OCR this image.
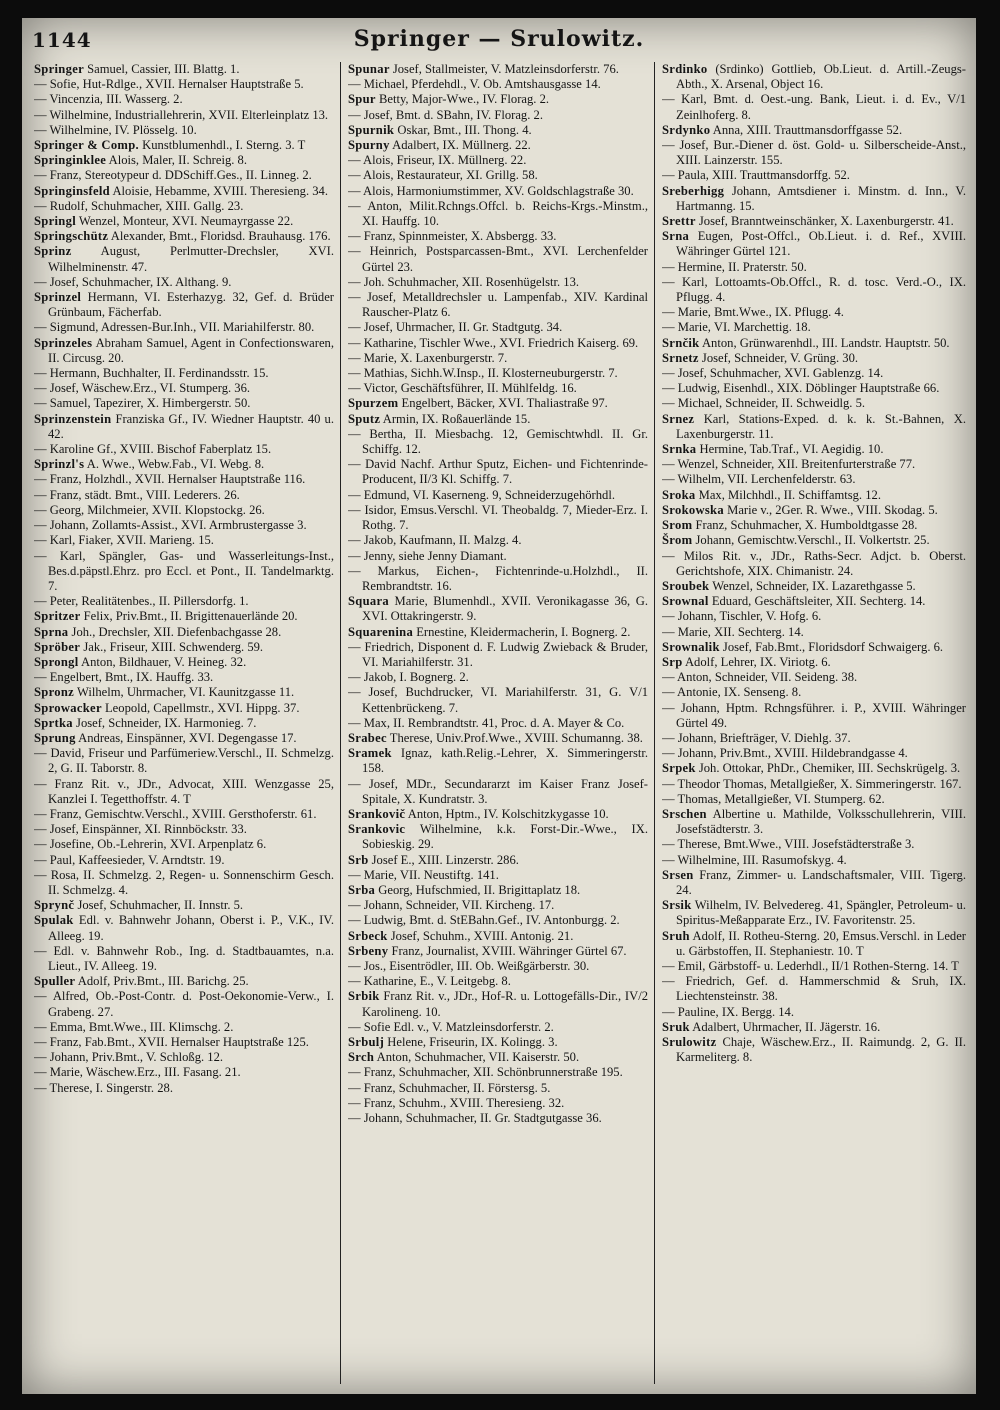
1144	Springer — Srulowitz.

Springer Samuel, Cassier, III. Blattg. 1.

— Sofie, Hut-Rdlge., XVII. Hernalser Hauptstraße 5.

— Vincenzia, III. Wasserg. 2.

— Wilhelmine, Industriallehrerin, XVII. Elterleinplatz 13.

— Wilhelmine, IV. Plösselg. 10.

Springer & Comp. Kunstblumenhdl., I. Sterng. 3. T

Springinklee Alois, Maler, II. Schreig. 8.

— Franz, Stereotypeur d. DDSchiff.Ges., II. Linneg. 2.

Springinsfeld Aloisie, Hebamme, XVIII. Theresieng. 34.

— Rudolf, Schuhmacher, XIII. Gallg. 23.

Springl Wenzel, Monteur, XVI. Neumayrgasse 22.

Springschütz Alexander, Bmt., Floridsd. Brauhausg. 176.

Sprinz August, Perlmutter-Drechsler, XVI. Wilhelminenstr. 47.

— Josef, Schuhmacher, IX. Althang. 9.

Sprinzel Hermann, VI. Esterhazyg. 32, Gef. d. Brüder Grünbaum, Fächerfab.

— Sigmund, Adressen-Bur.Inh., VII. Mariahilferstr. 80.

Sprinzeles Abraham Samuel, Agent in Confectionswaren, II. Circusg. 20.

— Hermann, Buchhalter, II. Ferdinandsstr. 15.

— Josef, Wäschew.Erz., VI. Stumperg. 36.

— Samuel, Tapezirer, X. Himbergerstr. 50.

Sprinzenstein Franziska Gf., IV. Wiedner Hauptstr. 40 u. 42.

— Karoline Gf., XVIII. Bischof Faberplatz 15.

Sprinzl's A. Wwe., Webw.Fab., VI. Webg. 8.

— Franz, Holzhdl., XVII. Hernalser Hauptstraße 116.

— Franz, städt. Bmt., VIII. Lederers. 26.

— Georg, Milchmeier, XVII. Klopstockg. 26.

— Johann, Zollamts-Assist., XVI. Armbrustergasse 3.

— Karl, Fiaker, XVII. Marieng. 15.

— Karl, Spängler, Gas- und Wasserleitungs-Inst., Bes.d.päpstl.Ehrz. pro Eccl. et Pont., II. Tandelmarktg. 7.

— Peter, Realitätenbes., II. Pillersdorfg. 1.

Spritzer Felix, Priv.Bmt., II. Brigittenauerlände 20.

Sprna Joh., Drechsler, XII. Diefenbachgasse 28.

Spröber Jak., Friseur, XIII. Schwenderg. 59.

Sprongl Anton, Bildhauer, V. Heineg. 32.

— Engelbert, Bmt., IX. Hauffg. 33.

Spronz Wilhelm, Uhrmacher, VI. Kaunitzgasse 11.

Sprowacker Leopold, Capellmstr., XVI. Hippg. 37.

Sprtka Josef, Schneider, IX. Harmonieg. 7.

Sprung Andreas, Einspänner, XVI. Degengasse 17.

— David, Friseur und Parfümeriew.Verschl., II. Schmelzg. 2, G. II. Taborstr. 8.

— Franz Rit. v., JDr., Advocat, XIII. Wenzgasse 25, Kanzlei I. Tegetthoffstr. 4. T

— Franz, Gemischtw.Verschl., XVIII. Gersthoferstr. 61.

— Josef, Einspänner, XI. Rinnböckstr. 33.

— Josefine, Ob.-Lehrerin, XVI. Arpenplatz 6.

— Paul, Kaffeesieder, V. Arndtstr. 19.

— Rosa, II. Schmelzg. 2, Regen- u. Sonnenschirm Gesch. II. Schmelzg. 4.

Sprynč Josef, Schuhmacher, II. Innstr. 5.

Spulak Edl. v. Bahnwehr Johann, Oberst i. P., V.K., IV. Alleeg. 19.

— Edl. v. Bahnwehr Rob., Ing. d. Stadtbauamtes, n.a. Lieut., IV. Alleeg. 19.

Spuller Adolf, Priv.Bmt., III. Barichg. 25.

— Alfred, Ob.-Post-Contr. d. Post-Oekonomie-Verw., I. Grabeng. 27.

— Emma, Bmt.Wwe., III. Klimschg. 2.

— Franz, Fab.Bmt., XVII. Hernalser Hauptstraße 125.

— Johann, Priv.Bmt., V. Schloßg. 12.

— Marie, Wäschew.Erz., III. Fasang. 21.

— Therese, I. Singerstr. 28.

Spunar Josef, Stallmeister, V. Matzleinsdorferstr. 76.

— Michael, Pferdehdl., V. Ob. Amtshausgasse 14.

Spur Betty, Major-Wwe., IV. Florag. 2.

— Josef, Bmt. d. SBahn, IV. Florag. 2.

Spurnik Oskar, Bmt., III. Thong. 4.

Spurny Adalbert, IX. Müllnerg. 22.

— Alois, Friseur, IX. Müllnerg. 22.

— Alois, Restaurateur, XI. Grillg. 58.

— Alois, Harmoniumstimmer, XV. Goldschlagstraße 30.

— Anton, Milit.Rchngs.Offcl. b. Reichs-Krgs.-Minstm., XI. Hauffg. 10.

— Franz, Spinnmeister, X. Absbergg. 33.

— Heinrich, Postsparcassen-Bmt., XVI. Lerchenfelder Gürtel 23.

— Joh. Schuhmacher, XII. Rosenhügelstr. 13.

— Josef, Metalldrechsler u. Lampenfab., XIV. Kardinal Rauscher-Platz 6.

— Josef, Uhrmacher, II. Gr. Stadtgutg. 34.

— Katharine, Tischler Wwe., XVI. Friedrich Kaiserg. 69.

— Marie, X. Laxenburgerstr. 7.

— Mathias, Sichh.W.Insp., II. Klosterneuburgerstr. 7.

— Victor, Geschäftsführer, II. Mühlfeldg. 16.

Spurzem Engelbert, Bäcker, XVI. Thaliastraße 97.

Sputz Armin, IX. Roßauerlände 15.

— Bertha, II. Miesbachg. 12, Gemischtwhdl. II. Gr. Schiffg. 12.

— David Nachf. Arthur Sputz, Eichen- und Fichtenrinde-Producent, II/3 Kl. Schiffg. 7.

— Edmund, VI. Kaserneng. 9, Schneiderzugehörhdl.

— Isidor, Emsus.Verschl. VI. Theobaldg. 7, Mieder-Erz. I. Rothg. 7.

— Jakob, Kaufmann, II. Malzg. 4.

— Jenny, siehe Jenny Diamant.

— Markus, Eichen-, Fichtenrinde-u.Holzhdl., II. Rembrandtstr. 16.

Squara Marie, Blumenhdl., XVII. Veronikagasse 36, G. XVI. Ottakringerstr. 9.

Squarenina Ernestine, Kleidermacherin, I. Bognerg. 2.

— Friedrich, Disponent d. F. Ludwig Zwieback & Bruder, VI. Mariahilferstr. 31.

— Jakob, I. Bognerg. 2.

— Josef, Buchdrucker, VI. Mariahilferstr. 31, G. V/1 Kettenbrückeng. 7.

— Max, II. Rembrandtstr. 41, Proc. d. A. Mayer & Co.

Srabec Therese, Univ.Prof.Wwe., XVIII. Schumanng. 38.

Sramek Ignaz, kath.Relig.-Lehrer, X. Simmeringerstr. 158.

— Josef, MDr., Secundararzt im Kaiser Franz Josef-Spitale, X. Kundratstr. 3.

Srankovič Anton, Hptm., IV. Kolschitzkygasse 10.

Srankovic Wilhelmine, k.k. Forst-Dir.-Wwe., IX. Sobieskig. 29.

Srb Josef E., XIII. Linzerstr. 286.

— Marie, VII. Neustiftg. 141.

Srba Georg, Hufschmied, II. Brigittaplatz 18.

— Johann, Schneider, VII. Kircheng. 17.

— Ludwig, Bmt. d. StEBahn.Gef., IV. Antonburgg. 2.

Srbeck Josef, Schuhm., XVIII. Antonig. 21.

Srbeny Franz, Journalist, XVIII. Währinger Gürtel 67.

— Jos., Eisentrödler, III. Ob. Weißgärberstr. 30.

— Katharine, E., V. Leitgebg. 8.

Srbik Franz Rit. v., JDr., Hof-R. u. Lottogefälls-Dir., IV/2 Karolineng. 10.

— Sofie Edl. v., V. Matzleinsdorferstr. 2.

Srbulj Helene, Friseurin, IX. Kolingg. 3.

Srch Anton, Schuhmacher, VII. Kaiserstr. 50.

— Franz, Schuhmacher, XII. Schönbrunnerstraße 195.

— Franz, Schuhmacher, II. Förstersg. 5.

— Franz, Schuhm., XVIII. Theresieng. 32.

— Johann, Schuhmacher, II. Gr. Stadtgutgasse 36.

Srdinko (Srdinko) Gottlieb, Ob.Lieut. d. Artill.-Zeugs-Abth., X. Arsenal, Object 16.

— Karl, Bmt. d. Oest.-ung. Bank, Lieut. i. d. Ev., V/1 Zeinlhoferg. 8.

Srdynko Anna, XIII. Trauttmansdorffgasse 52.

— Josef, Bur.-Diener d. öst. Gold- u. Silberscheide-Anst., XIII. Lainzerstr. 155.

— Paula, XIII. Trauttmansdorffg. 52.

Sreberhigg Johann, Amtsdiener i. Minstm. d. Inn., V. Hartmanng. 15.

Srettr Josef, Branntweinschänker, X. Laxenburgerstr. 41.

Srna Eugen, Post-Offcl., Ob.Lieut. i. d. Ref., XVIII. Währinger Gürtel 121.

— Hermine, II. Praterstr. 50.

— Karl, Lottoamts-Ob.Offcl., R. d. tosc. Verd.-O., IX. Pflugg. 4.

— Marie, Bmt.Wwe., IX. Pflugg. 4.

— Marie, VI. Marchettig. 18.

Srnčik Anton, Grünwarenhdl., III. Landstr. Hauptstr. 50.

Srnetz Josef, Schneider, V. Grüng. 30.

— Josef, Schuhmacher, XVI. Gablenzg. 14.

— Ludwig, Eisenhdl., XIX. Döblinger Hauptstraße 66.

— Michael, Schneider, II. Schweidlg. 5.

Srnez Karl, Stations-Exped. d. k. k. St.-Bahnen, X. Laxenburgerstr. 11.

Srnka Hermine, Tab.Traf., VI. Aegidig. 10.

— Wenzel, Schneider, XII. Breitenfurterstraße 77.

— Wilhelm, VII. Lerchenfelderstr. 63.

Sroka Max, Milchhdl., II. Schiffamtsg. 12.

Srokowska Marie v., 2Ger. R. Wwe., VIII. Skodag. 5.

Srom Franz, Schuhmacher, X. Humboldtgasse 28.

Šrom Johann, Gemischtw.Verschl., II. Volkertstr. 25.

— Milos Rit. v., JDr., Raths-Secr. Adjct. b. Oberst. Gerichtshofe, XIX. Chimanistr. 24.

Sroubek Wenzel, Schneider, IX. Lazarethgasse 5.

Srownal Eduard, Geschäftsleiter, XII. Sechterg. 14.

— Johann, Tischler, V. Hofg. 6.

— Marie, XII. Sechterg. 14.

Srownalik Josef, Fab.Bmt., Floridsdorf Schwaigerg. 6.

Srp Adolf, Lehrer, IX. Viriotg. 6.

— Anton, Schneider, VII. Seideng. 38.

— Antonie, IX. Senseng. 8.

— Johann, Hptm. Rchngsführer. i. P., XVIII. Währinger Gürtel 49.

— Johann, Briefträger, V. Diehlg. 37.

— Johann, Priv.Bmt., XVIII. Hildebrandgasse 4.

Srpek Joh. Ottokar, PhDr., Chemiker, III. Sechskrügelg. 3.

— Theodor Thomas, Metallgießer, X. Simmeringerstr. 167.

— Thomas, Metallgießer, VI. Stumperg. 62.

Srschen Albertine u. Mathilde, Volksschullehrerin, VIII. Josefstädterstr. 3.

— Therese, Bmt.Wwe., VIII. Josefstädterstraße 3.

— Wilhelmine, III. Rasumofskyg. 4.

Srsen Franz, Zimmer- u. Landschaftsmaler, VIII. Tigerg. 24.

Srsik Wilhelm, IV. Belvedereg. 41, Spängler, Petroleum- u. Spiritus-Meßapparate Erz., IV. Favoritenstr. 25.

Sruh Adolf, II. Rotheu-Sterng. 20, Emsus.Verschl. in Leder u. Gärbstoffen, II. Stephaniestr. 10. T

— Emil, Gärbstoff- u. Lederhdl., II/1 Rothen-Sterng. 14. T

— Friedrich, Gef. d. Hammerschmid & Sruh, IX. Liechtensteinstr. 38.

— Pauline, IX. Bergg. 14.

Sruk Adalbert, Uhrmacher, II. Jägerstr. 16.

Srulowitz Chaje, Wäschew.Erz., II. Raimundg. 2, G. II. Karmeliterg. 8.
